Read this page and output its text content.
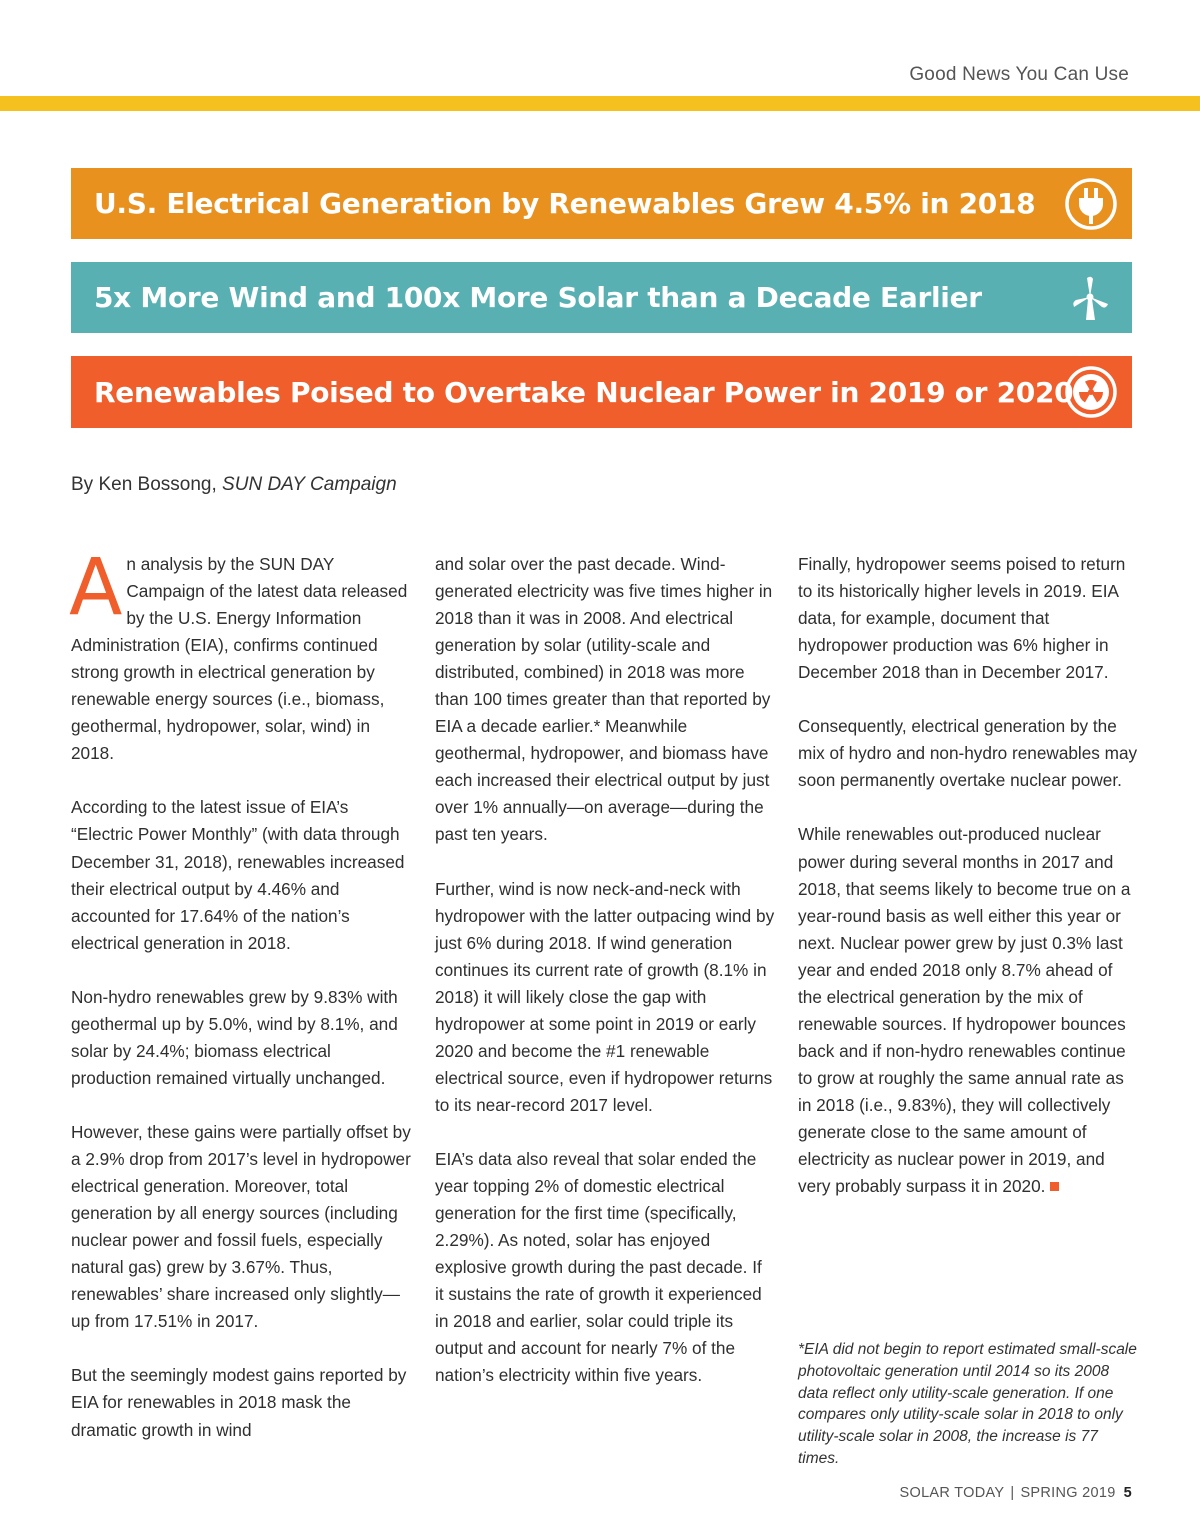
Good News You Can Use
U.S. Electrical Generation by Renewables Grew 4.5% in 2018
5x More Wind and 100x More Solar than a Decade Earlier
Renewables Poised to Overtake Nuclear Power in 2019 or 2020
By Ken Bossong, SUN DAY Campaign

An analysis by the SUN DAY Campaign of the latest data released by the U.S. Energy Information Administration (EIA), confirms continued strong growth in electrical generation by renewable energy sources (i.e., biomass, geothermal, hydropower, solar, wind) in 2018.

According to the latest issue of EIA’s “Electric Power Monthly” (with data through December 31, 2018), renewables increased their electrical output by 4.46% and accounted for 17.64% of the nation’s electrical generation in 2018.

Non-hydro renewables grew by 9.83% with geothermal up by 5.0%, wind by 8.1%, and solar by 24.4%; biomass electrical production remained virtually unchanged.

However, these gains were partially offset by a 2.9% drop from 2017’s level in hydropower electrical generation. Moreover, total generation by all energy sources (including nuclear power and fossil fuels, especially natural gas) grew by 3.67%. Thus, renewables’ share increased only slightly—up from 17.51% in 2017.

But the seemingly modest gains reported by EIA for renewables in 2018 mask the dramatic growth in wind

and solar over the past decade. Wind-generated electricity was five times higher in 2018 than it was in 2008. And electrical generation by solar (utility-scale and distributed, combined) in 2018 was more than 100 times greater than that reported by EIA a decade earlier.* Meanwhile geothermal, hydropower, and biomass have each increased their electrical output by just over 1% annually—on average—during the past ten years.

Further, wind is now neck-and-neck with hydropower with the latter outpacing wind by just 6% during 2018. If wind generation continues its current rate of growth (8.1% in 2018) it will likely close the gap with hydropower at some point in 2019 or early 2020 and become the #1 renewable electrical source, even if hydropower returns to its near-record 2017 level.

EIA’s data also reveal that solar ended the year topping 2% of domestic electrical generation for the first time (specifically, 2.29%). As noted, solar has enjoyed explosive growth during the past decade. If it sustains the rate of growth it experienced in 2018 and earlier, solar could triple its output and account for nearly 7% of the nation’s electricity within five years.

Finally, hydropower seems poised to return to its historically higher levels in 2019. EIA data, for example, document that hydropower production was 6% higher in December 2018 than in December 2017.

Consequently, electrical generation by the mix of hydro and non-hydro renewables may soon permanently overtake nuclear power.

While renewables out-produced nuclear power during several months in 2017 and 2018, that seems likely to become true on a year-round basis as well either this year or next. Nuclear power grew by just 0.3% last year and ended 2018 only 8.7% ahead of the electrical generation by the mix of renewable sources. If hydropower bounces back and if non-hydro renewables continue to grow at roughly the same annual rate as in 2018 (i.e., 9.83%), they will collectively generate close to the same amount of electricity as nuclear power in 2019, and very probably surpass it in 2020.

*EIA did not begin to report estimated small-scale photovoltaic generation until 2014 so its 2008 data reflect only utility-scale generation. If one compares only utility-scale solar in 2018 to only utility-scale solar in 2008, the increase is 77 times.
SOLAR TODAY | SPRING 2019 5
